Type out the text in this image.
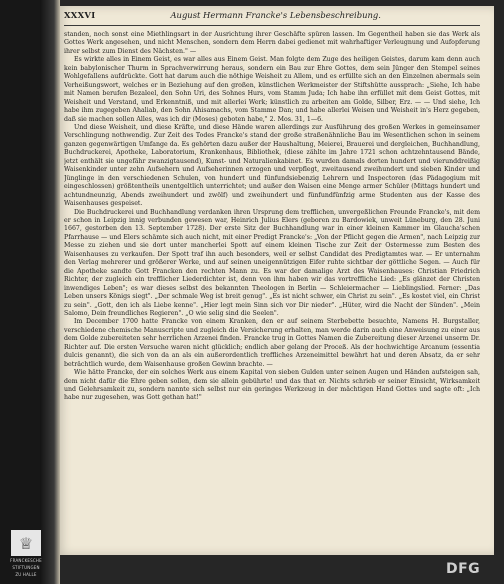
XXXVI	August Hermann Francke's Lebensbeschreibung.

standen, noch sonst eine Miethlingsart in der Ausrichtung ihrer Geschäfte spüren lassen. Im Gegentheil haben sie das Werk als Gottes Werk angesehen, und nicht Menschen, sondern dem Herrn dabei gedienet mit wahrhaftiger Verleugnung und Aufopferung ihrer selbst zum Dienst des Nächsten." —

Es wirkte alles in Einem Geist, es war alles aus Einem Geist. Man folgte dem Zuge des heiligen Geistes, darum kam denn auch kein babylonischer Thurm in Sprachverwirrung heraus, sondern ein Bau zur Ehre Gottes, dem sein Jünger den Stempel seines Wohlgefallens aufdrückte. Gott hat darum auch die nöthige Weisheit zu Allem, und es erfüllte sich an den Einzelnen abermals sein Verheißungswort, welches er in Beziehung auf den großen, künstlichen Werkmeister der Stiftshütte aussprach: „Siehe, Ich habe mit Namen berufen Bezaleel, den Sohn Uri, des Sohnes Hurs, vom Stamm Juda; Ich habe ihn erfüllet mit dem Geist Gottes, mit Weisheit und Verstand, und Erkenntniß, und mit allerlei Werk; künstlich zu arbeiten am Golde, Silber, Erz. — — Und siehe, Ich habe ihm zugegeben Ahaliab, den Sohn Ahisamachs, vom Stamme Dan; und habe allerlei Weisen und Weisheit in's Herz gegeben, daß sie machen sollen Alles, was ich dir (Moses) geboten habe," 2. Mos. 31, 1—6.

Und diese Weisheit, und diese Kräfte, und diese Hände waren allerdings zur Ausführung des großen Werkes in gemeinsamer Verschlingung nothwendig. Zur Zeit des Todes Francke's stand der große straßenähnliche Bau im Wesentlichen schon in seinem ganzen gegenwärtigen Umfange da. Es gehörten dazu außer der Haushaltung, Meierei, Brauerei und dergleichen, Buchhandlung, Buchdruckerei, Apotheke, Laboratorium, Krankenhaus, Bibliothek, (diese zählte im Jahre 1721 schon achtzehntausend Bände, jetzt enthält sie ungefähr zwanzigtausend), Kunst- und Naturalienkabinet. Es wurden damals dorten hundert und vierunddreißig Waisenkinder unter zehn Aufsehern und Aufseherinnen erzogen und verpflegt, zweitausend zweihundert und sieben Kinder und Jünglinge in den verschiedenen Schulen, von hundert und fünfundsiebenzig Lehrern und Inspectoren (das Pädagogium mit eingeschlossen) größtentheils unentgeltlich unterrichtet; und außer den Waisen eine Menge armer Schüler (Mittags hundert und achtundneunzig, Abends zweihundert und zwölf) und zweihundert und fünfundfünfzig arme Studenten aus der Kasse des Waisenhauses gespeiset.

Die Buchdruckerei und Buchhandlung verdanken ihren Ursprung dem trefflichen, unvergeßlichen Freunde Francke's, mit dem er schon in Leipzig innig verbunden gewesen war, Heinrich Julius Elers (geboren zu Bardowiek, unweit Lüneburg, den 28. Juni 1667, gestorben den 13. September 1728). Der erste Sitz der Buchhandlung war in einer kleinen Kammer im Glaucha'schen Pfarrhause — und Elers schämte sich auch nicht, mit einer Predigt Francke's: „Von der Pflicht gegen die Armen", nach Leipzig zur Messe zu ziehen und sie dort unter mancherlei Spott auf einem kleinen Tische zur Zeit der Ostermesse zum Besten des Waisenhauses zu verkaufen. Der Spott traf ihn auch besonders, weil er selbst Candidat des Predigtamtes war. — Er unternahm den Verlag mehrerer und größerer Werke, und auf seinen uneigennützigen Eifer ruhte sichtbar der göttliche Segen. — Auch für die Apotheke sandte Gott Francken den rechten Mann zu. Es war der damalige Arzt des Waisenhauses: Christian Friedrich Richter, der zugleich ein trefflicher Liederdichter ist, denn von ihm haben wir das vortreffliche Lied: „Es glänzet der Christen inwendiges Leben"; es war dieses selbst des bekannten Theologen in Berlin — Schleiermacher — Lieblingslied. Ferner: „Das Leben unsers Königs siegt". „Der schmale Weg ist breit genug". „Es ist nicht schwer, ein Christ zu sein". „Es kostet viel, ein Christ zu sein". „Gott, den ich als Liebe kenne". „Hier legt mein Sinn sich vor Dir nieder". „Hüter, wird die Nacht der Sünden". „Mein Salomo, Dein freundliches Regieren". „O wie selig sind die Seelen".

Im December 1700 hatte Francke von einem Kranken, den er auf seinem Sterbebette besuchte, Namens H. Burgstaller, verschiedene chemische Manuscripte und zugleich die Versicherung erhalten, man werde darin auch eine Anweisung zu einer aus dem Golde zubereiteten sehr herrlichen Arzenei finden. Francke trug in Gottes Namen die Zubereitung dieser Arzenei unserm Dr. Richter auf. Die ersten Versuche waren nicht glücklich; endlich aber gelang der Proceß. Als der hochwichtige Arcanum (essentia dulcis genannt), die sich von da an als ein außerordentlich treffliches Arzeneimittel bewährt hat und deren Absatz, da er sehr beträchtlich wurde, dem Waisenhause großen Gewinn brachte. —

Wie hätte Francke, der ein solches Werk aus einem Kapital von sieben Gulden unter seinen Augen und Händen aufsteigen sah, dem nicht dafür die Ehre geben sollen, dem sie allein gebührte! und das that er. Nichts schrieb er seiner Einsicht, Wirksamkeit und Gelehrsamkeit zu, sondern nannte sich selbst nur ein geringes Werkzeug in der mächtigen Hand Gottes und sagte oft: „Ich habe nur zugesehen, was Gott gethan hat!"

♕
FRANCKESCHE
STIFTUNGEN
ZU HALLE	DFG
